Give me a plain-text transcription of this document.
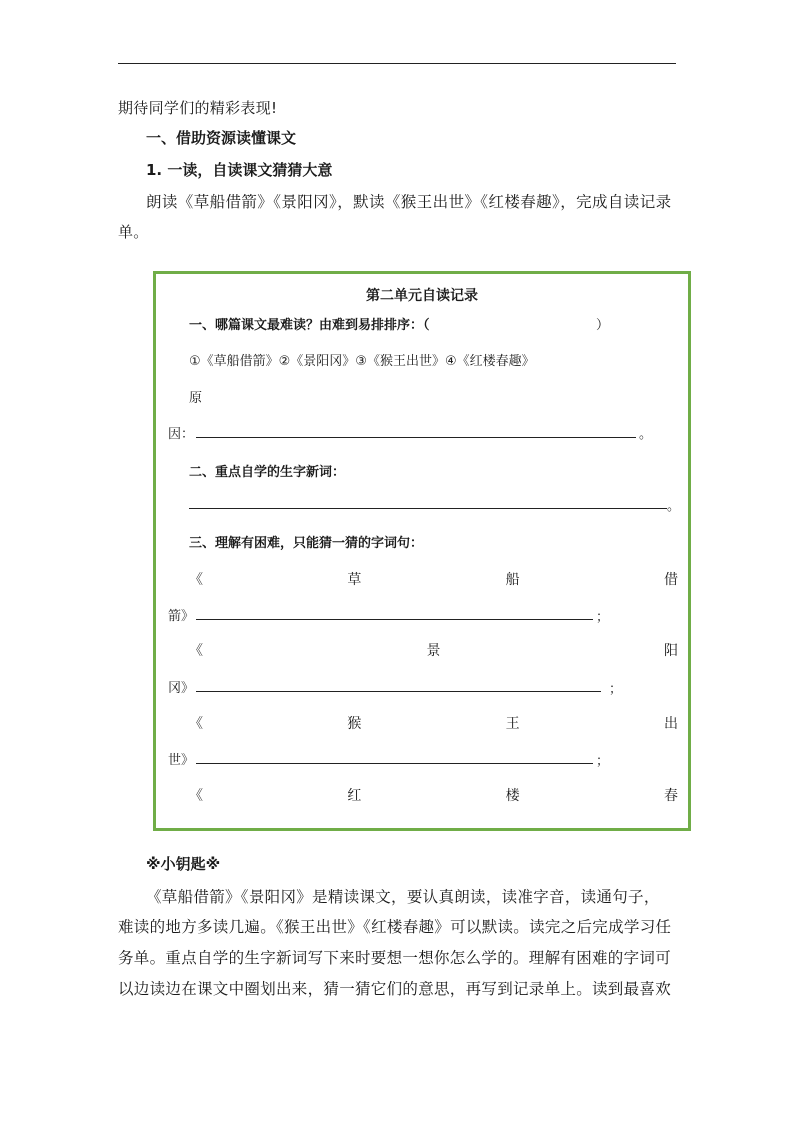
期待同学们的精彩表现!
一、借助资源读懂课文
1. 一读，自读课文猜猜大意
朗读《草船借箭》《景阳冈》，默读《猴王出世》《红楼春趣》，完成自读记录
单。
第二单元自读记录
一、哪篇课文最难读？由难到易排排序：（	）
①《草船借箭》②《景阳冈》③《猴王出世》④《红楼春趣》
原
因：	。
二、重点自学的生字新词：
。
三、理解有困难，只能猜一猜的字词句：
《	草	船	借
箭》	；
《	景	阳
冈》	；
《	猴	王	出
世》	；
《	红	楼	春
※小钥匙※
《草船借箭》《景阳冈》是精读课文，要认真朗读，读准字音，读通句子，
难读的地方多读几遍。《猴王出世》《红楼春趣》可以默读。读完之后完成学习任
务单。重点自学的生字新词写下来时要想一想你怎么学的。理解有困难的字词可
以边读边在课文中圈划出来，猜一猜它们的意思，再写到记录单上。读到最喜欢
